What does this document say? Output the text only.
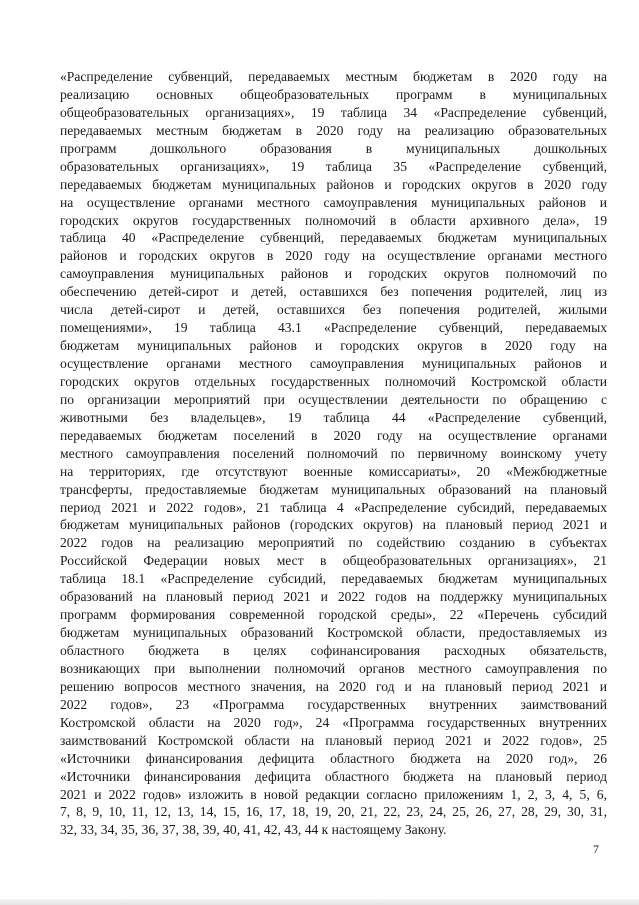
«Распределение субвенций, передаваемых местным бюджетам в 2020 году на
реализацию основных общеобразовательных программ в муниципальных
общеобразовательных организациях», 19 таблица 34 «Распределение субвенций,
передаваемых местным бюджетам в 2020 году на реализацию образовательных
программ дошкольного образования в муниципальных дошкольных
образовательных организациях», 19 таблица 35 «Распределение субвенций,
передаваемых бюджетам муниципальных районов и городских округов в 2020 году
на осуществление органами местного самоуправления муниципальных районов и
городских округов государственных полномочий в области архивного дела», 19
таблица 40 «Распределение субвенций, передаваемых бюджетам муниципальных
районов и городских округов в 2020 году на осуществление органами местного
самоуправления муниципальных районов и городских округов полномочий по
обеспечению детей-сирот и детей, оставшихся без попечения родителей, лиц из
числа детей-сирот и детей, оставшихся без попечения родителей, жилыми
помещениями», 19 таблица 43.1 «Распределение субвенций, передаваемых
бюджетам муниципальных районов и городских округов в 2020 году на
осуществление органами местного самоуправления муниципальных районов и
городских округов отдельных государственных полномочий Костромской области
по организации мероприятий при осуществлении деятельности по обращению с
животными без владельцев», 19 таблица 44 «Распределение субвенций,
передаваемых бюджетам поселений в 2020 году на осуществление органами
местного самоуправления поселений полномочий по первичному воинскому учету
на территориях, где отсутствуют военные комиссариаты», 20 «Межбюджетные
трансферты, предоставляемые бюджетам муниципальных образований на плановый
период 2021 и 2022 годов», 21 таблица 4 «Распределение субсидий, передаваемых
бюджетам муниципальных районов (городских округов) на плановый период 2021 и
2022 годов на реализацию мероприятий по содействию созданию в субъектах
Российской Федерации новых мест в общеобразовательных организациях», 21
таблица 18.1 «Распределение субсидий, передаваемых бюджетам муниципальных
образований на плановый период 2021 и 2022 годов на поддержку муниципальных
программ формирования современной городской среды», 22 «Перечень субсидий
бюджетам муниципальных образований Костромской области, предоставляемых из
областного бюджета в целях софинансирования расходных обязательств,
возникающих при выполнении полномочий органов местного самоуправления по
решению вопросов местного значения, на 2020 год и на плановый период 2021 и
2022 годов», 23 «Программа государственных внутренних заимствований
Костромской области на 2020 год», 24 «Программа государственных внутренних
заимствований Костромской области на плановый период 2021 и 2022 годов», 25
«Источники финансирования дефицита областного бюджета на 2020 год», 26
«Источники финансирования дефицита областного бюджета на плановый период
2021 и 2022 годов» изложить в новой редакции согласно приложениям 1, 2, 3, 4, 5, 6,
7, 8, 9, 10, 11, 12, 13, 14, 15, 16, 17, 18, 19, 20, 21, 22, 23, 24, 25, 26, 27, 28, 29, 30, 31,
32, 33, 34, 35, 36, 37, 38, 39, 40, 41, 42, 43, 44 к настоящему Закону.
7
